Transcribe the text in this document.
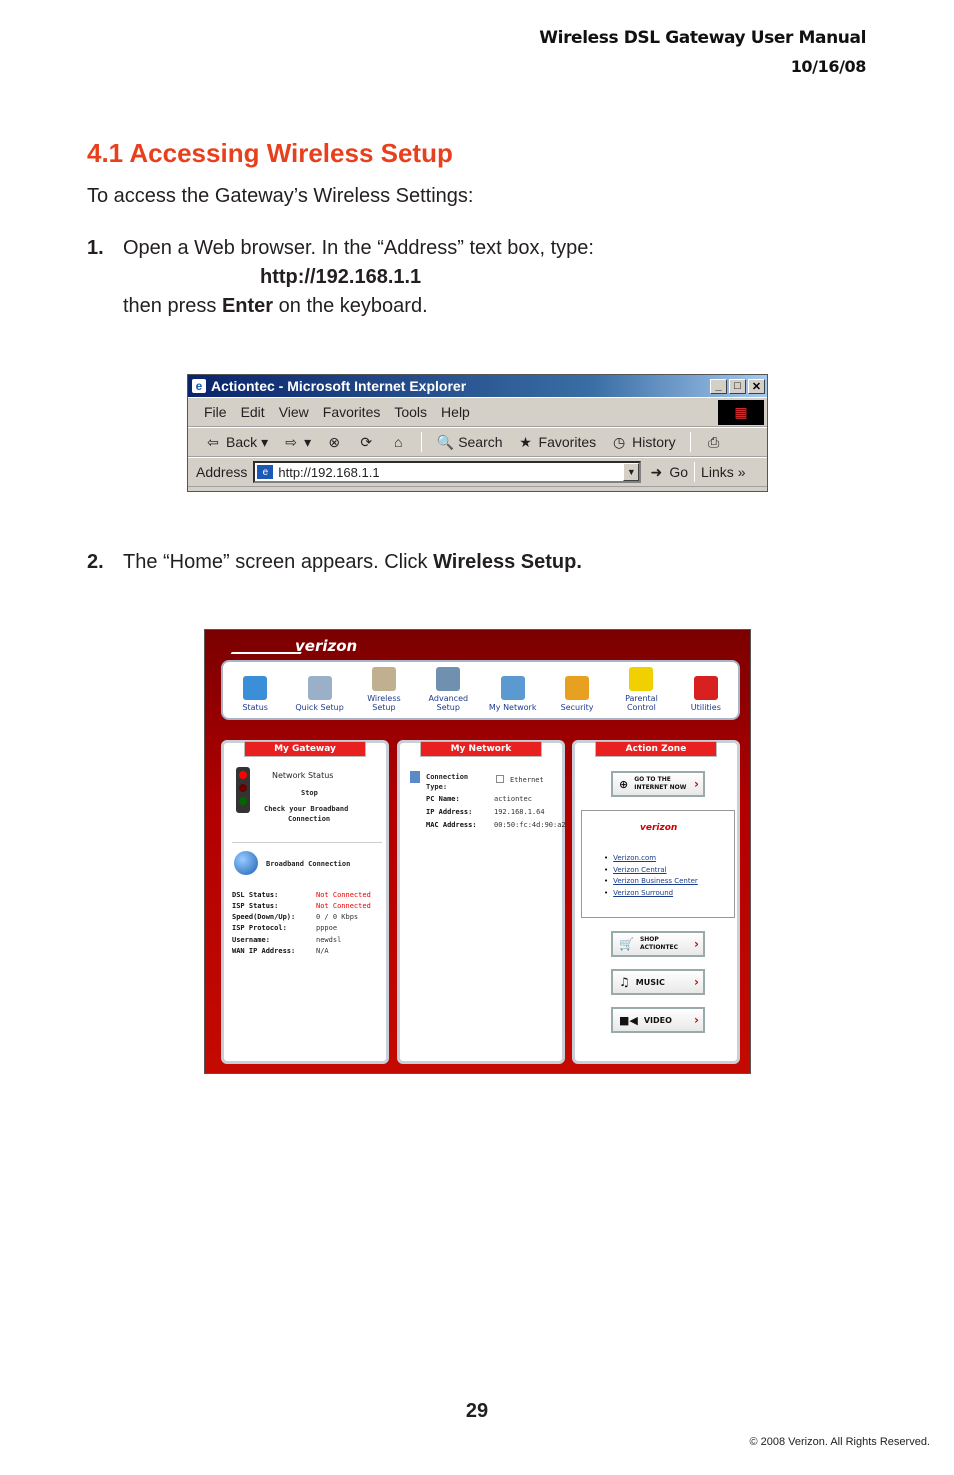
Wireless DSL Gateway User Manual
10/16/08
4.1 Accessing Wireless Setup
To access the Gateway’s Wireless Settings:
1. Open a Web browser. In the “Address” text box, type:
http://192.168.1.1
then press Enter on the keyboard.
e Actiontec - Microsoft Internet Explorer	_	□	✕
File Edit View Favorites Tools Help	▦
⇦ Back ▾ ⇨ ▾ ⊗ ⟳	⌂	🔍 Search ★ Favorites ◷ History ⎙
Address	e http://192.168.1.1	▼ ➜ Go Links »
2. The “Home” screen appears. Click Wireless Setup.
verizon
Status	Quick Setup
Wireless Setup
Advanced Setup	My Network	Security
Parental Control	Utilities
My Gateway
Network Status
Stop
Check your Broadband
Connection
Broadband Connection
DSL Status:	Not Connected
ISP Status:	Not Connected
Speed(Down/Up):	0 / 0 Kbps
ISP Protocol:	pppoe
Username:	newdsl
WAN IP Address:	N/A
My Network
Connection
Type:
Ethernet
PC Name:	actiontec
IP Address:	192.168.1.64
MAC Address: 00:50:fc:4d:90:a2
Action Zone
⊕ GO TO THE
INTERNET NOW ›
verizon
• Verizon.com
• Verizon Central
• Verizon Business Center
• Verizon Surround
🛒 SHOP
ACTIONTEC ›
♫ MUSIC ›
■◀ VIDEO ›
29
© 2008 Verizon. All Rights Reserved.
